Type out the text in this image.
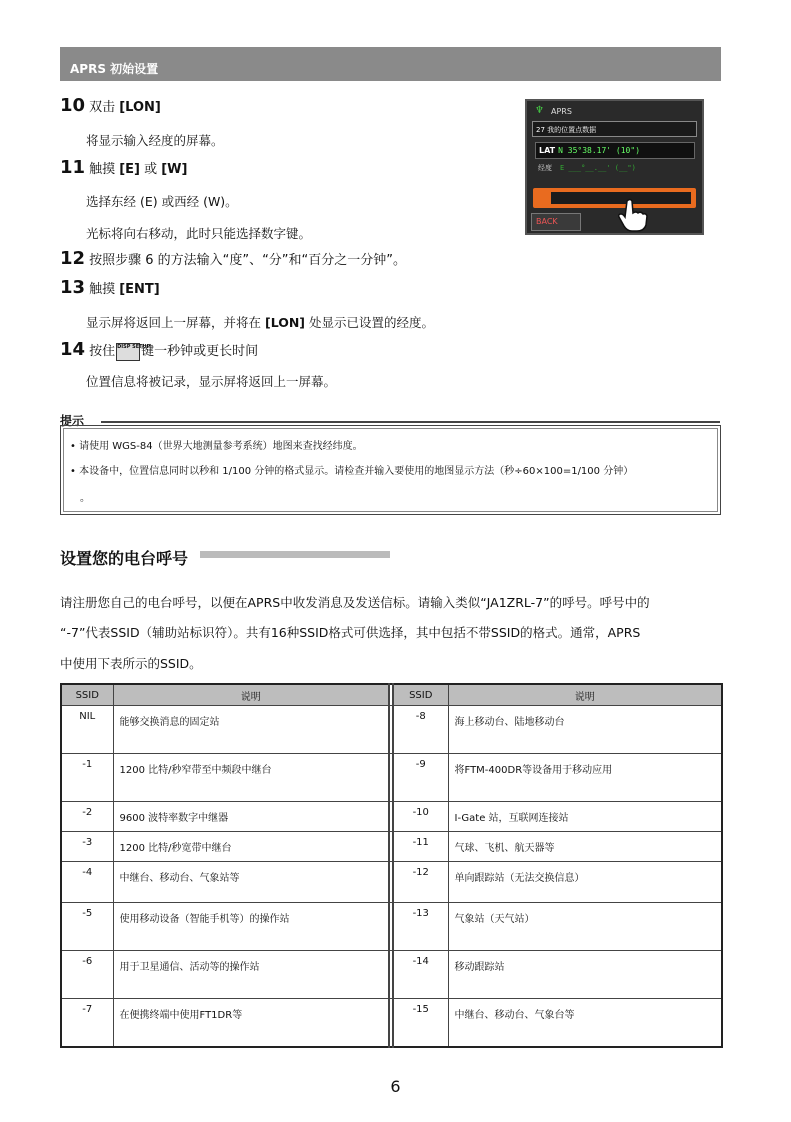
APRS 初始设置
10 双击 [LON]
将显示输入经度的屏幕。
11 触摸 [E] 或 [W]
选择东经 (E) 或西经 (W)。
光标将向右移动，此时只能选择数字键。
12 按照步骤 6 的方法输入“度”、“分”和“百分之一分钟”。
13 触摸 [ENT]
显示屏将返回上一屏幕，并将在 [LON] 处显示已设置的经度。
14 按住 DISP SETUP键一秒钟或更长时间
位置信息将被记录，显示屏将返回上一屏幕。
♆ APRS
27 我的位置点数据
LAT N 35°38.17' (10")
经度 E ___°__.__' (__")
BACK
提示
• 请使用 WGS-84（世界大地测量参考系统）地图来查找经纬度。
• 本设备中，位置信息同时以秒和 1/100 分钟的格式显示。请检查并输入要使用的地图显示方法（秒÷60×100=1/100 分钟）
。
设置您的电台呼号
请注册您自己的电台呼号，以便在APRS中收发消息及发送信标。请输入类似“JA1ZRL-7”的呼号。呼号中的
“-7”代表SSID（辅助站标识符）。共有16种SSID格式可供选择，其中包括不带SSID的格式。通常，APRS
中使用下表所示的SSID。
SSID	说明		SSID	说明
NIL	能够交换消息的固定站		-8	海上移动台、陆地移动台
-1	1200 比特/秒窄带至中频段中继台		-9	将FTM-400DR等设备用于移动应用
-2	9600 波特率数字中继器		-10	I-Gate 站，互联网连接站
-3	1200 比特/秒宽带中继台		-11	气球、飞机、航天器等
-4	中继台、移动台、气象站等		-12	单向跟踪站（无法交换信息）
-5	使用移动设备（智能手机等）的操作站		-13	气象站（天气站）
-6	用于卫星通信、活动等的操作站		-14	移动跟踪站
-7	在便携终端中使用FT1DR等		-15	中继台、移动台、气象台等
6
